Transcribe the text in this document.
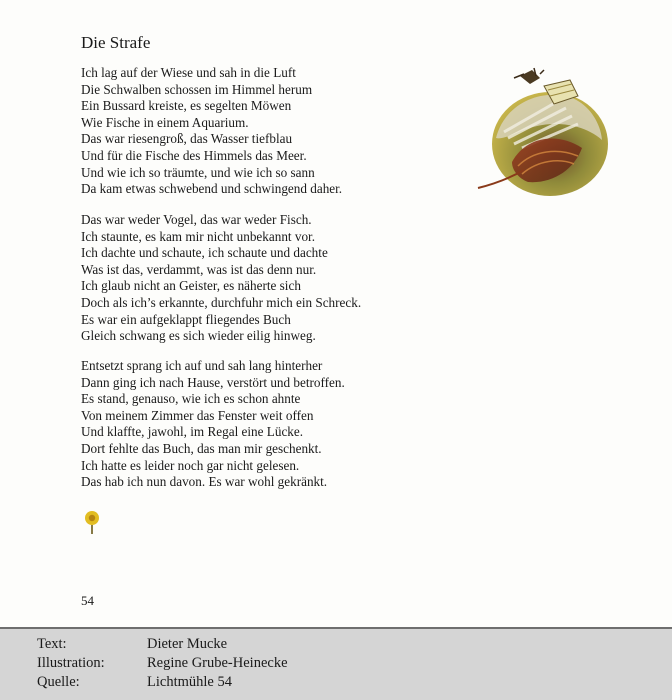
Die Strafe
Ich lag auf der Wiese und sah in die Luft
Die Schwalben schossen im Himmel herum
Ein Bussard kreiste, es segelten Möwen
Wie Fische in einem Aquarium.
Das war riesengroß, das Wasser tiefblau
Und für die Fische des Himmels das Meer.
Und wie ich so träumte, und wie ich so sann
Da kam etwas schwebend und schwingend daher.
Das war weder Vogel, das war weder Fisch.
Ich staunte, es kam mir nicht unbekannt vor.
Ich dachte und schaute, ich schaute und dachte
Was ist das, verdammt, was ist das denn nur.
Ich glaub nicht an Geister, es näherte sich
Doch als ich’s erkannte, durchfuhr mich ein Schreck.
Es war ein aufgeklappt fliegendes Buch
Gleich schwang es sich wieder eilig hinweg.
Entsetzt sprang ich auf und sah lang hinterher
Dann ging ich nach Hause, verstört und betroffen.
Es stand, genauso, wie ich es schon ahnte
Von meinem Zimmer das Fenster weit offen
Und klaffte, jawohl, im Regal eine Lücke.
Dort fehlte das Buch, das man mir geschenkt.
Ich hatte es leider noch gar nicht gelesen.
Das hab ich nun davon. Es war wohl gekränkt.
54
Text:	Dieter Mucke
Illustration:	Regine Grube-Heinecke
Quelle:	Lichtmühle 54
